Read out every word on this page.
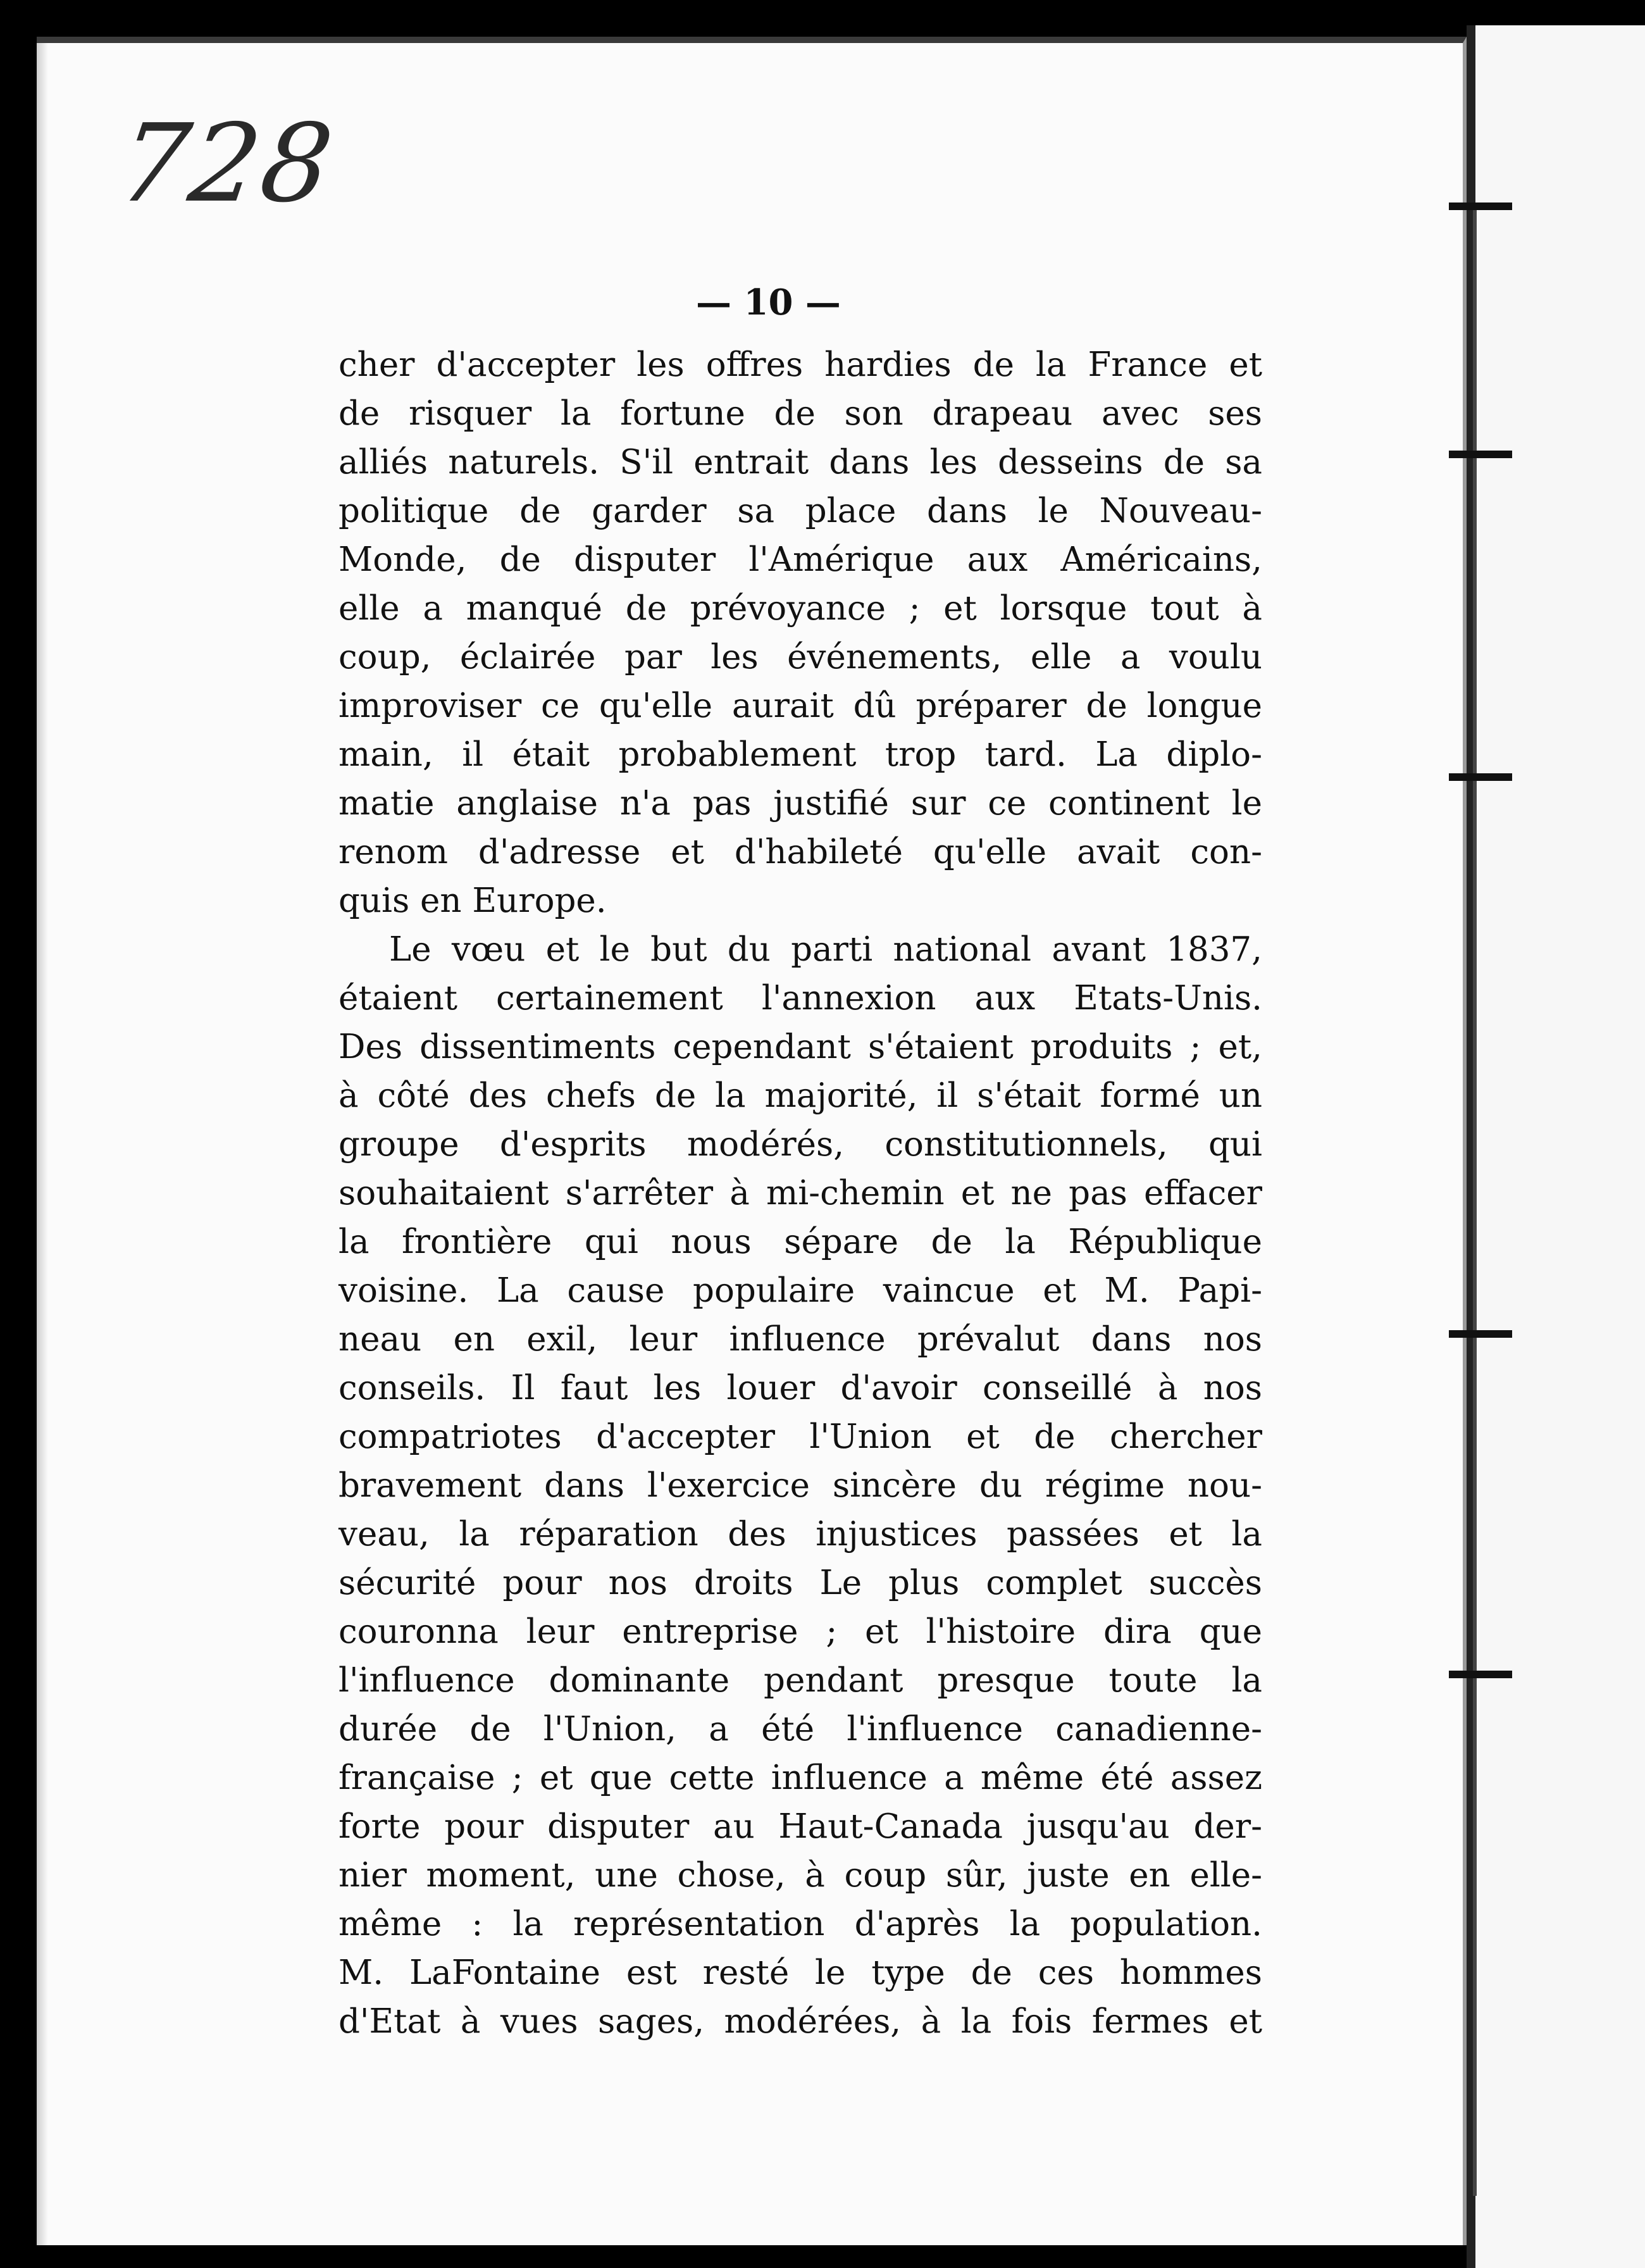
728
— 10 —
cher d'accepter les offres hardies de la France et
de risquer la fortune de son drapeau avec ses
alliés naturels. S'il entrait dans les desseins de sa
politique de garder sa place dans le Nouveau-
Monde, de disputer l'Amérique aux Américains,
elle a manqué de prévoyance ; et lorsque tout à
coup, éclairée par les événements, elle a voulu
improviser ce qu'elle aurait dû préparer de longue
main, il était probablement trop tard. La diplo-
matie anglaise n'a pas justifié sur ce continent le
renom d'adresse et d'habileté qu'elle avait con-
quis en Europe.
Le vœu et le but du parti national avant 1837,
étaient certainement l'annexion aux Etats-Unis.
Des dissentiments cependant s'étaient produits ; et,
à côté des chefs de la majorité, il s'était formé un
groupe d'esprits modérés, constitutionnels, qui
souhaitaient s'arrêter à mi-chemin et ne pas effacer
la frontière qui nous sépare de la République
voisine. La cause populaire vaincue et M. Papi-
neau en exil, leur influence prévalut dans nos
conseils. Il faut les louer d'avoir conseillé à nos
compatriotes d'accepter l'Union et de chercher
bravement dans l'exercice sincère du régime nou-
veau, la réparation des injustices passées et la
sécurité pour nos droits Le plus complet succès
couronna leur entreprise ; et l'histoire dira que
l'influence dominante pendant presque toute la
durée de l'Union, a été l'influence canadienne-
française ; et que cette influence a même été assez
forte pour disputer au Haut-Canada jusqu'au der-
nier moment, une chose, à coup sûr, juste en elle-
même : la représentation d'après la population.
M. LaFontaine est resté le type de ces hommes
d'Etat à vues sages, modérées, à la fois fermes et
